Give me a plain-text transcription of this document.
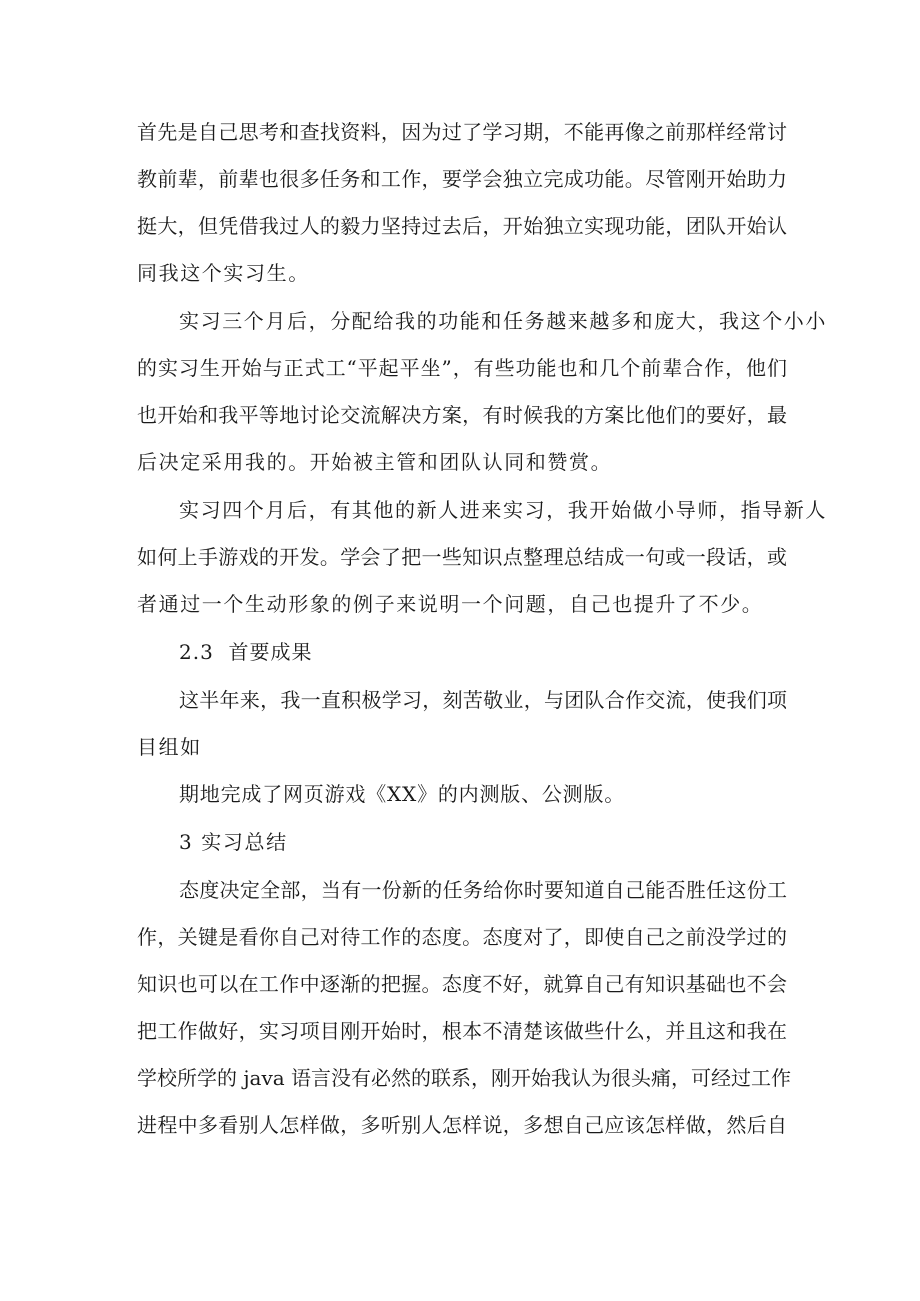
首先是自己思考和查找资料，因为过了学习期，不能再像之前那样经常讨
教前辈，前辈也很多任务和工作，要学会独立完成功能。尽管刚开始助力
挺大，但凭借我过人的毅力坚持过去后，开始独立实现功能，团队开始认
同我这个实习生。
实习三个月后，分配给我的功能和任务越来越多和庞大，我这个小小
的实习生开始与正式工“平起平坐”，有些功能也和几个前辈合作，他们
也开始和我平等地讨论交流解决方案，有时候我的方案比他们的要好，最
后决定采用我的。开始被主管和团队认同和赞赏。
实习四个月后，有其他的新人进来实习，我开始做小导师，指导新人
如何上手游戏的开发。学会了把一些知识点整理总结成一句或一段话，或
者通过一个生动形象的例子来说明一个问题，自己也提升了不少。
2.3  首要成果
这半年来，我一直积极学习，刻苦敬业，与团队合作交流，使我们项
目组如
期地完成了网页游戏《XX》的内测版、公测版。
3 实习总结
态度决定全部，当有一份新的任务给你时要知道自己能否胜任这份工
作，关键是看你自己对待工作的态度。态度对了，即使自己之前没学过的
知识也可以在工作中逐渐的把握。态度不好，就算自己有知识基础也不会
把工作做好，实习项目刚开始时，根本不清楚该做些什么，并且这和我在
学校所学的 java 语言没有必然的联系，刚开始我认为很头痛，可经过工作
进程中多看别人怎样做，多听别人怎样说，多想自己应该怎样做，然后自
